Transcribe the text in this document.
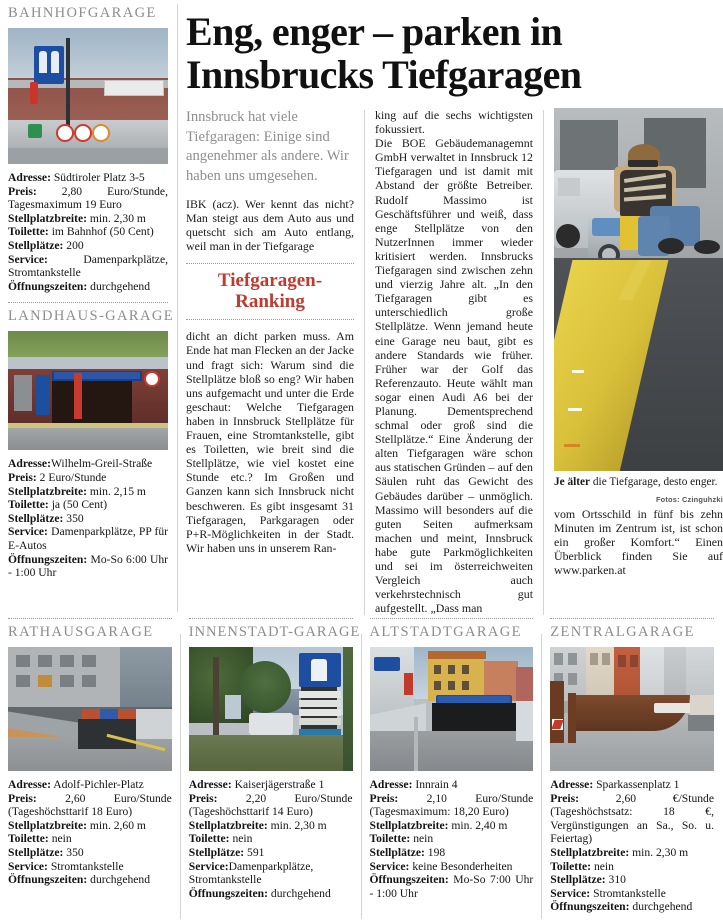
BAHNHOFGARAGE
Adresse: Südtiroler Platz 3-5
Preis: 2,80 Euro/Stunde, Tagesmaximum 19 Euro
Stellplatzbreite: min. 2,30 m
Toilette: im Bahnhof (50 Cent)
Stellplätze: 200
Service:	Damenparkplätze, Stromtankstelle
Öffnungszeiten: durchgehend
LANDHAUS-GARAGE
Adresse:Wilhelm-Greil-Straße
Preis: 2 Euro/Stunde
Stellplatzbreite: min. 2,15 m
Toilette: ja (50 Cent)
Stellplätze: 350
Service: Damenparkplätze, PP für E-Autos
Öffnungszeiten: Mo-So 6:00 Uhr - 1:00 Uhr
Eng, enger – parken in Innsbrucks Tiefgaragen

Innsbruck hat viele Tiefgaragen: Einige sind angenehmer als andere. Wir haben uns umgesehen.

IBK (acz). Wer kennt das nicht? Man steigt aus dem Auto aus und quetscht sich am Auto entlang, weil man in der Tiefgarage

Tiefgaragen-
Ranking

dicht an dicht parken muss. Am Ende hat man Flecken an der Jacke und fragt sich: Warum sind die Stellplätze bloß so eng? Wir haben uns aufgemacht und unter die Erde geschaut: Welche Tiefgaragen haben in Innsbruck Stellplätze für Frauen, eine Stromtankstelle, gibt es Toiletten, wie breit sind die Stellplätze, wie viel kostet eine Stunde etc.? Im Großen und Ganzen kann sich Innsbruck nicht beschweren. Es gibt insgesamt 31 Tiefgaragen, Parkgaragen oder P+R-Möglichkeiten in der Stadt. Wir haben uns in unserem Ran-

king auf die sechs wichtigsten fokussiert.

Die BOE Gebäudemanagemnt GmbH verwaltet in Innsbruck 12 Tiefgaragen und ist damit mit Abstand der größte Betreiber. Rudolf Massimo ist Geschäftsführer und weiß, dass enge Stellplätze von den NutzerInnen immer wieder kritisiert werden. Innsbrucks Tiefgaragen sind zwischen zehn und vierzig Jahre alt. „In den Tiefgaragen gibt es unterschiedlich große Stellplätze. Wenn jemand heute eine Garage neu baut, gibt es andere Standards wie früher. Früher war der Golf das Referenzauto. Heute wählt man sogar einen Audi A6 bei der Planung. Dementsprechend schmal oder groß sind die Stellplätze.“ Eine Änderung der alten Tiefgaragen wäre schon aus statischen Gründen – auf den Säulen ruht das Gewicht des Gebäudes darüber – unmöglich. Massimo will besonders auf die guten Seiten aufmerksam machen und meint, Innsbruck habe gute Parkmöglichkeiten und sei im österreichweiten Vergleich auch verkehrstechnisch gut aufgestellt. „Dass man

Je älter die Tiefgarage, desto enger.
Fotos: Czinguhzki

vom Ortsschild in fünf bis zehn Minuten im Zentrum ist, ist schon ein großer Komfort.“ Einen Überblick finden Sie auf www.parken.at

RATHAUSGARAGE
Adresse: Adolf-Pichler-Platz
Preis: 2,60 Euro/Stunde (Tageshöchsttarif 18 Euro)
Stellplatzbreite: min. 2,60 m
Toilette: nein
Stellplätze: 350
Service: Stromtankstelle
Öffnungszeiten: durchgehend
INNENSTADT-GARAGE
Adresse: Kaiserjägerstraße 1
Preis: 2,20 Euro/Stunde (Tageshöchsttarif 14 Euro)
Stellplatzbreite: min. 2,30 m
Toilette: nein
Stellplätze: 591
Service:Damenparkplätze, Stromtankstelle
Öffnungszeiten: durchgehend
ALTSTADTGARAGE
Adresse: Innrain 4
Preis: 2,10 Euro/Stunde (Tagesmaximum: 18,20 Euro)
Stellplatzbreite: min. 2,40 m
Toilette: nein
Stellplätze: 198
Service: keine Besonderheiten
Öffnungszeiten: Mo-So 7:00 Uhr - 1:00 Uhr
ZENTRALGARAGE
Adresse: Sparkassenplatz 1
Preis:	2,60 €/Stunde (Tageshöchstsatz: 18 €, Vergünstigungen an Sa., So. u. Feiertag)
Stellplatzbreite: min. 2,30 m
Toilette: nein
Stellplätze: 310
Service: Stromtankstelle
Öffnungszeiten: durchgehend
